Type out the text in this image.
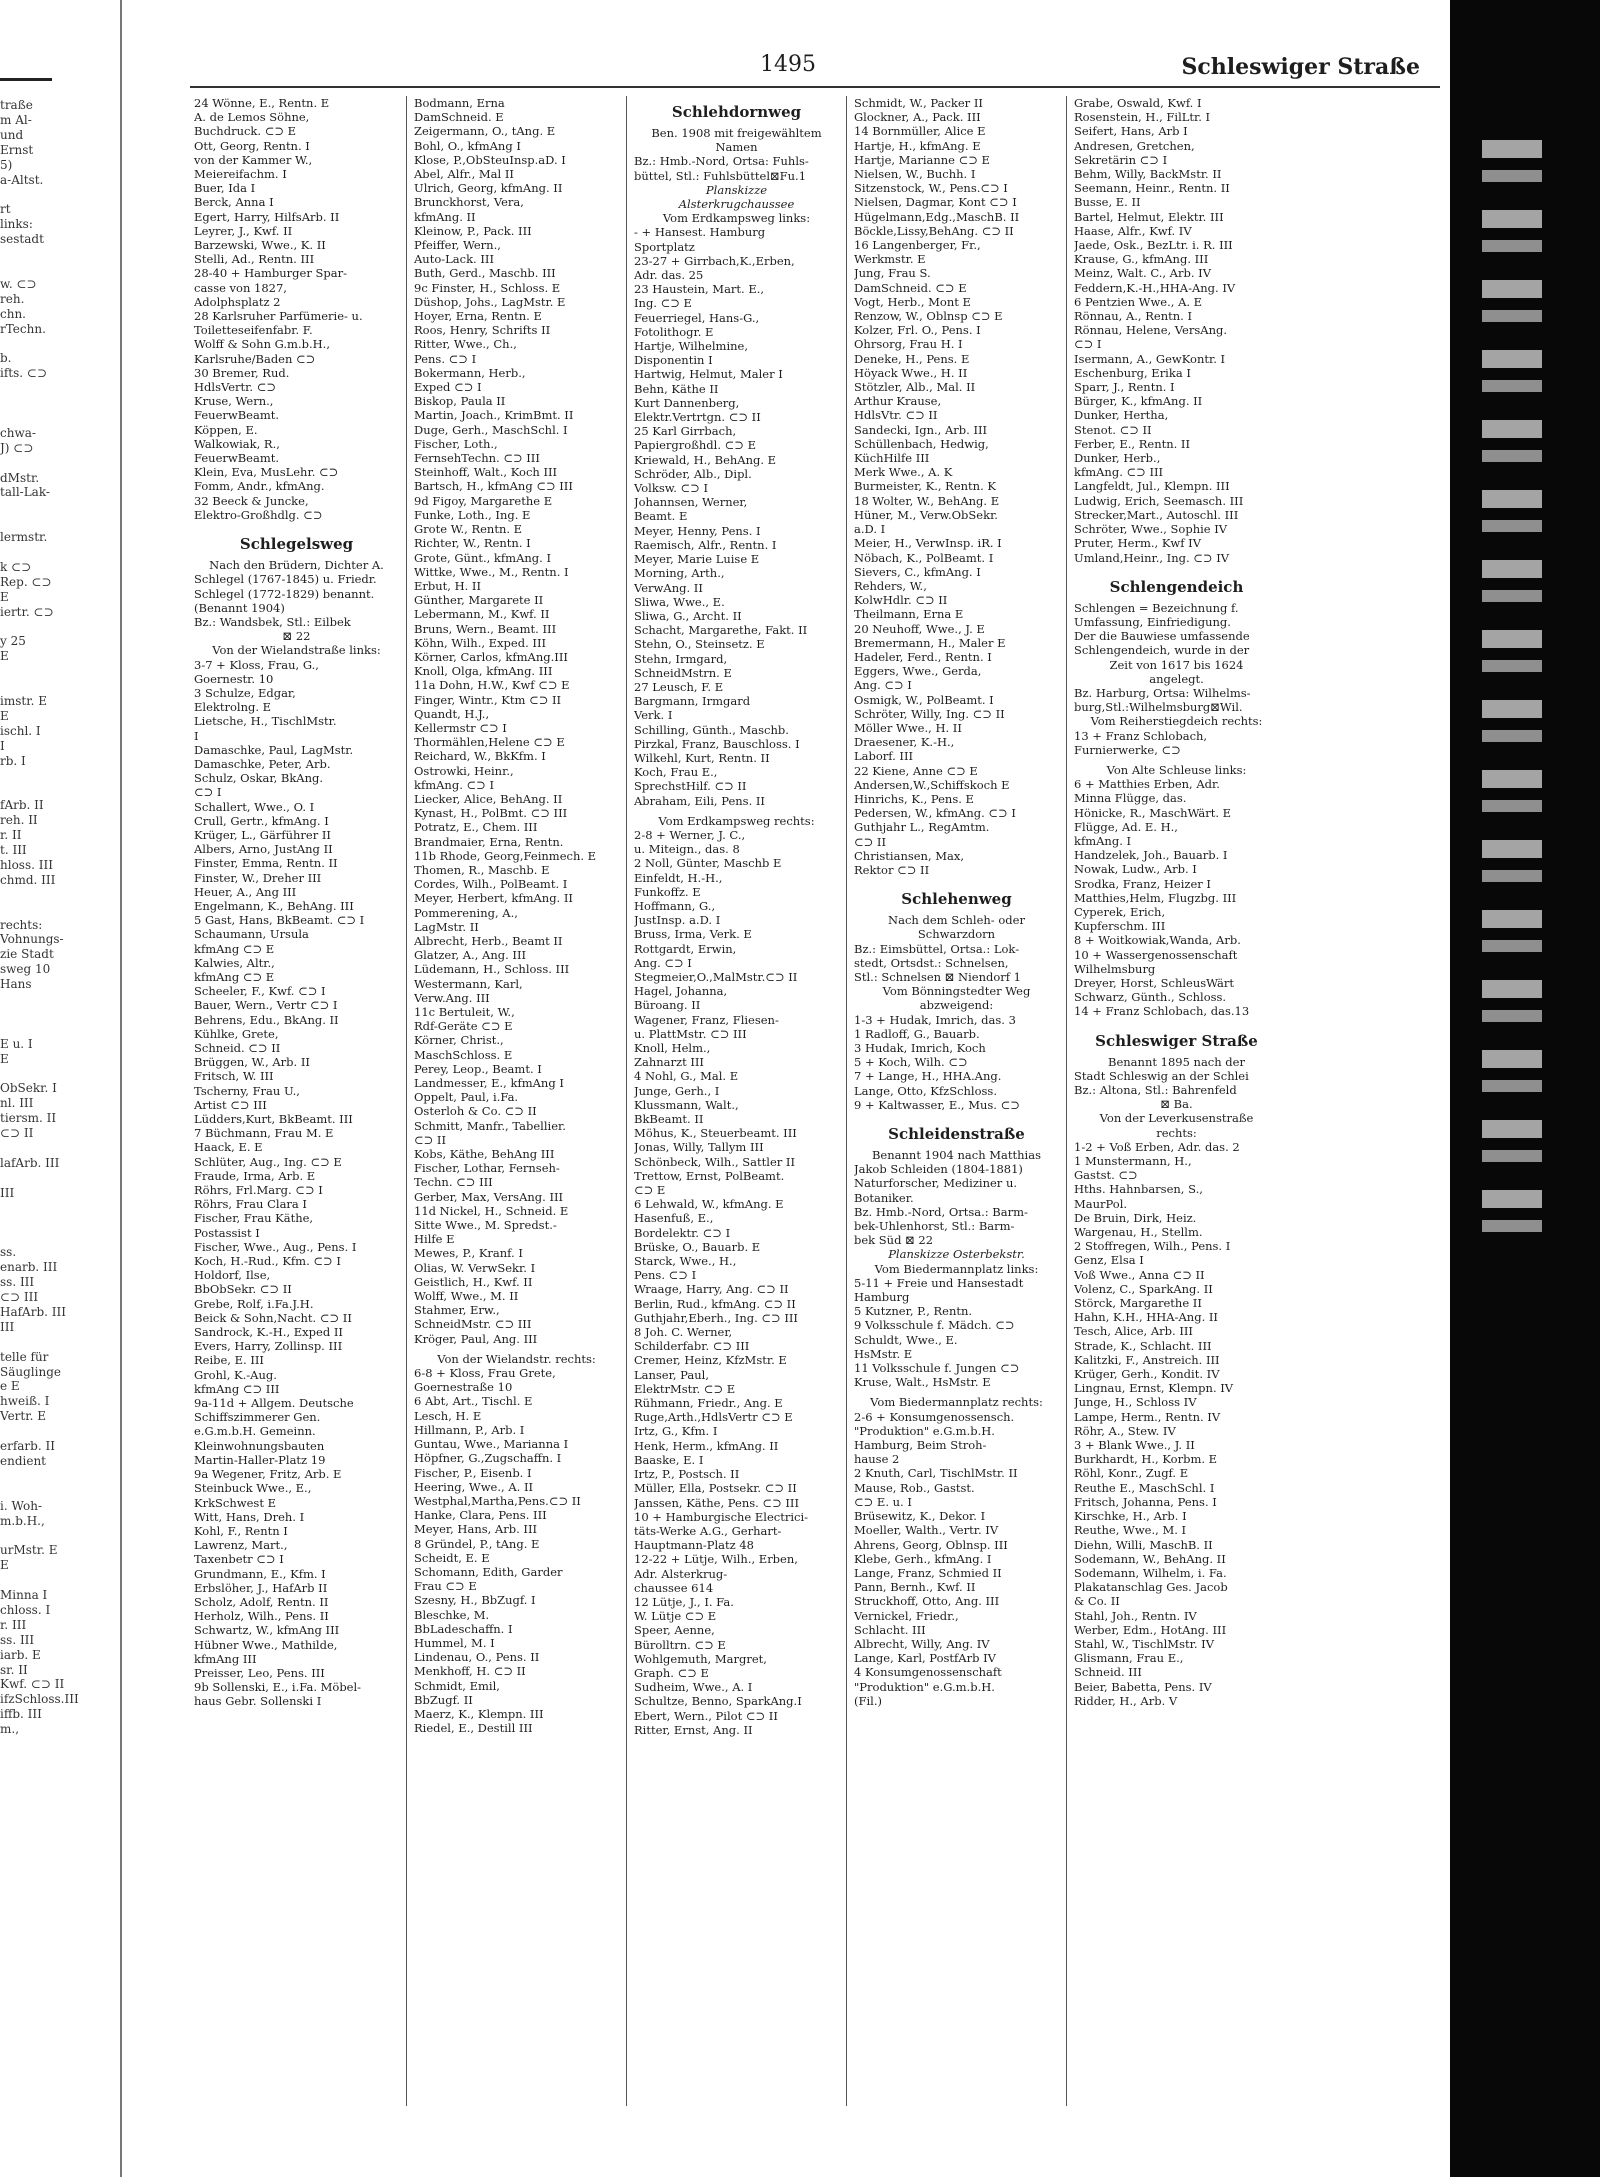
traße
m Al-
und
Ernst
5)
a-Altst.
rt
links:
sestadt
w. ⊂⊃
reh.
chn.
rTechn.
b.
ifts. ⊂⊃
chwa-
J) ⊂⊃
dMstr.
tall-Lak-
lermstr.
k ⊂⊃
Rep. ⊂⊃
E
iertr. ⊂⊃
y 25
E
imstr. E
E
ischl. I
I
rb. I
fArb. II
reh. II
r. II
t. III
hloss. III
chmd. III
rechts:
Vohnungs-
zie Stadt
sweg 10
Hans
E u. I
E
ObSekr. I
nl. III
tiersm. II
⊂⊃ II
lafArb. III
III
ss.
enarb. III
ss. III
⊂⊃ III
HafArb. III
III
telle für
Säuglinge
e E
hweiß. I
Vertr. E
erfarb. II
endient
i. Woh-
m.b.H.,
urMstr. E
E
Minna I
chloss. I
r. III
ss. III
iarb. E
sr. II
Kwf. ⊂⊃ II
ifzSchloss.III
iffb. III
m.,
1495	Schleswiger Straße
24 Wönne, E., Rentn. E
A. de Lemos Söhne,
Buchdruck. ⊂⊃ E
Ott, Georg, Rentn. I
von der Kammer W.,
Meiereifachm. I
Buer, Ida I
Berck, Anna I
Egert, Harry, HilfsArb. II
Leyrer, J., Kwf. II
Barzewski, Wwe., K. II
Stelli, Ad., Rentn. III
28-40 + Hamburger Spar-
casse von 1827,
Adolphsplatz 2
28 Karlsruher Parfümerie- u.
Toiletteseifenfabr. F.
Wolff & Sohn G.m.b.H.,
Karlsruhe/Baden ⊂⊃
30 Bremer, Rud.
HdlsVertr. ⊂⊃
Kruse, Wern.,
FeuerwBeamt.
Köppen, E.
Walkowiak, R.,
FeuerwBeamt.
Klein, Eva, MusLehr. ⊂⊃
Fomm, Andr., kfmAng.
32 Beeck & Juncke,
Elektro-Großhdlg. ⊂⊃
Schlegelsweg
Nach den Brüdern, Dichter A.
Schlegel (1767-1845) u. Friedr.
Schlegel (1772-1829) benannt.
(Benannt 1904)
Bz.: Wandsbek, Stl.: Eilbek
⊠ 22
Von der Wielandstraße links:
3-7 + Kloss, Frau, G.,
Goernestr. 10
3 Schulze, Edgar,
Elektrolng. E
Lietsche, H., TischlMstr.
I
Damaschke, Paul, LagMstr.
Damaschke, Peter, Arb.
Schulz, Oskar, BkAng.
⊂⊃ I
Schallert, Wwe., O. I
Crull, Gertr., kfmAng. I
Krüger, L., Gärführer II
Albers, Arno, JustAng II
Finster, Emma, Rentn. II
Finster, W., Dreher III
Heuer, A., Ang III
Engelmann, K., BehAng. III
5 Gast, Hans, BkBeamt. ⊂⊃ I
Schaumann, Ursula
kfmAng ⊂⊃ E
Kalwies, Altr.,
kfmAng ⊂⊃ E
Scheeler, F., Kwf. ⊂⊃ I
Bauer, Wern., Vertr ⊂⊃ I
Behrens, Edu., BkAng. II
Kühlke, Grete,
Schneid. ⊂⊃ II
Brüggen, W., Arb. II
Fritsch, W. III
Tscherny, Frau U.,
Artist ⊂⊃ III
Lüdders,Kurt, BkBeamt. III
7 Büchmann, Frau M. E
Haack, E. E
Schlüter, Aug., Ing. ⊂⊃ E
Fraude, Irma, Arb. E
Röhrs, Frl.Marg. ⊂⊃ I
Röhrs, Frau Clara I
Fischer, Frau Käthe,
Postassist I
Fischer, Wwe., Aug., Pens. I
Koch, H.-Rud., Kfm. ⊂⊃ I
Holdorf, Ilse,
BbObSekr. ⊂⊃ II
Grebe, Rolf, i.Fa.J.H.
Beick & Sohn,Nacht. ⊂⊃ II
Sandrock, K.-H., Exped II
Evers, Harry, Zollinsp. III
Reibe, E. III
Grohl, K.-Aug.
kfmAng ⊂⊃ III
9a-11d + Allgem. Deutsche
Schiffszimmerer Gen.
e.G.m.b.H. Gemeinn.
Kleinwohnungsbauten
Martin-Haller-Platz 19
9a Wegener, Fritz, Arb. E
Steinbuck Wwe., E.,
KrkSchwest E
Witt, Hans, Dreh. I
Kohl, F., Rentn I
Lawrenz, Mart.,
Taxenbetr ⊂⊃ I
Grundmann, E., Kfm. I
Erbslöher, J., HafArb II
Scholz, Adolf, Rentn. II
Herholz, Wilh., Pens. II
Schwartz, W., kfmAng III
Hübner Wwe., Mathilde,
kfmAng III
Preisser, Leo, Pens. III
9b Sollenski, E., i.Fa. Möbel-
haus Gebr. Sollenski I
Bodmann, Erna
DamSchneid. E
Zeigermann, O., tAng. E
Bohl, O., kfmAng I
Klose, P.,ObSteuInsp.aD. I
Abel, Alfr., Mal II
Ulrich, Georg, kfmAng. II
Brunckhorst, Vera,
kfmAng. II
Kleinow, P., Pack. III
Pfeiffer, Wern.,
Auto-Lack. III
Buth, Gerd., Maschb. III
9c Finster, H., Schloss. E
Düshop, Johs., LagMstr. E
Hoyer, Erna, Rentn. E
Roos, Henry, Schrifts II
Ritter, Wwe., Ch.,
Pens. ⊂⊃ I
Bokermann, Herb.,
Exped ⊂⊃ I
Biskop, Paula II
Martin, Joach., KrimBmt. II
Duge, Gerh., MaschSchl. I
Fischer, Loth.,
FernsehTechn. ⊂⊃ III
Steinhoff, Walt., Koch III
Bartsch, H., kfmAng ⊂⊃ III
9d Figoy, Margarethe E
Funke, Loth., Ing. E
Grote W., Rentn. E
Richter, W., Rentn. I
Grote, Günt., kfmAng. I
Wittke, Wwe., M., Rentn. I
Erbut, H. II
Günther, Margarete II
Lebermann, M., Kwf. II
Bruns, Wern., Beamt. III
Köhn, Wilh., Exped. III
Körner, Carlos, kfmAng.III
Knoll, Olga, kfmAng. III
11a Dohn, H.W., Kwf ⊂⊃ E
Finger, Wintr., Ktm ⊂⊃ II
Quandt, H.J.,
Kellermstr ⊂⊃ I
Thormählen,Helene ⊂⊃ E
Reichard, W., BkKfm. I
Ostrowki, Heinr.,
kfmAng. ⊂⊃ I
Liecker, Alice, BehAng. II
Kynast, H., PolBmt. ⊂⊃ III
Potratz, E., Chem. III
Brandmaier, Erna, Rentn.
11b Rhode, Georg,Feinmech. E
Thomen, R., Maschb. E
Cordes, Wilh., PolBeamt. I
Meyer, Herbert, kfmAng. II
Pommerening, A.,
LagMstr. II
Albrecht, Herb., Beamt II
Glatzer, A., Ang. III
Lüdemann, H., Schloss. III
Westermann, Karl,
Verw.Ang. III
11c Bertuleit, W.,
Rdf-Geräte ⊂⊃ E
Körner, Christ.,
MaschSchloss. E
Perey, Leop., Beamt. I
Landmesser, E., kfmAng I
Oppelt, Paul, i.Fa.
Osterloh & Co. ⊂⊃ II
Schmitt, Manfr., Tabellier.
⊂⊃ II
Kobs, Käthe, BehAng III
Fischer, Lothar, Fernseh-
Techn. ⊂⊃ III
Gerber, Max, VersAng. III
11d Nickel, H., Schneid. E
Sitte Wwe., M. Spredst.-
Hilfe E
Mewes, P., Kranf. I
Olias, W. VerwSekr. I
Geistlich, H., Kwf. II
Wolff, Wwe., M. II
Stahmer, Erw.,
SchneidMstr. ⊂⊃ III
Kröger, Paul, Ang. III
Von der Wielandstr. rechts:
6-8 + Kloss, Frau Grete,
Goernestraße 10
6 Abt, Art., Tischl. E
Lesch, H. E
Hillmann, P., Arb. I
Guntau, Wwe., Marianna I
Höpfner, G.,Zugschaffn. I
Fischer, P., Eisenb. I
Heering, Wwe., A. II
Westphal,Martha,Pens.⊂⊃ II
Hanke, Clara, Pens. III
Meyer, Hans, Arb. III
8 Gründel, P., tAng. E
Scheidt, E. E
Schomann, Edith, Garder
Frau ⊂⊃ E
Szesny, H., BbZugf. I
Bleschke, M.
BbLadeschaffn. I
Hummel, M. I
Lindenau, O., Pens. II
Menkhoff, H. ⊂⊃ II
Schmidt, Emil,
BbZugf. II
Maerz, K., Klempn. III
Riedel, E., Destill III
Schlehdornweg
Ben. 1908 mit freigewähltem
Namen
Bz.: Hmb.-Nord, Ortsa: Fuhls-
büttel, Stl.: Fuhlsbüttel⊠Fu.1
Planskizze
Alsterkrugchaussee
Vom Erdkampsweg links:
- + Hansest. Hamburg
Sportplatz
23-27 + Girrbach,K.,Erben,
Adr. das. 25
23 Haustein, Mart. E.,
Ing. ⊂⊃ E
Feuerriegel, Hans-G.,
Fotolithogr. E
Hartje, Wilhelmine,
Disponentin I
Hartwig, Helmut, Maler I
Behn, Käthe II
Kurt Dannenberg,
Elektr.Vertrtgn. ⊂⊃ II
25 Karl Girrbach,
Papiergroßhdl. ⊂⊃ E
Kriewald, H., BehAng. E
Schröder, Alb., Dipl.
Volksw. ⊂⊃ I
Johannsen, Werner,
Beamt. E
Meyer, Henny, Pens. I
Raemisch, Alfr., Rentn. I
Meyer, Marie Luise E
Morning, Arth.,
VerwAng. II
Sliwa, Wwe., E.
Sliwa, G., Archt. II
Schacht, Margarethe, Fakt. II
Stehn, O., Steinsetz. E
Stehn, Irmgard,
SchneidMstrn. E
27 Leusch, F. E
Bargmann, Irmgard
Verk. I
Schilling, Günth., Maschb.
Pirzkal, Franz, Bauschloss. I
Wilkehl, Kurt, Rentn. II
Koch, Frau E.,
SprechstHilf. ⊂⊃ II
Abraham, Eili, Pens. II
Vom Erdkampsweg rechts:
2-8 + Werner, J. C.,
u. Miteign., das. 8
2 Noll, Günter, Maschb E
Einfeldt, H.-H.,
Funkoffz. E
Hoffmann, G.,
JustInsp. a.D. I
Bruss, Irma, Verk. E
Rottgardt, Erwin,
Ang. ⊂⊃ I
Stegmeier,O.,MalMstr.⊂⊃ II
Hagel, Johanna,
Büroang. II
Wagener, Franz, Fliesen-
u. PlattMstr. ⊂⊃ III
Knoll, Helm.,
Zahnarzt III
4 Nohl, G., Mal. E
Junge, Gerh., I
Klussmann, Walt.,
BkBeamt. II
Möhus, K., Steuerbeamt. III
Jonas, Willy, Tallym III
Schönbeck, Wilh., Sattler II
Trettow, Ernst, PolBeamt.
⊂⊃ E
6 Lehwald, W., kfmAng. E
Hasenfuß, E.,
Bordelektr. ⊂⊃ I
Brüske, O., Bauarb. E
Starck, Wwe., H.,
Pens. ⊂⊃ I
Wraage, Harry, Ang. ⊂⊃ II
Berlin, Rud., kfmAng. ⊂⊃ II
Guthjahr,Eberh., Ing. ⊂⊃ III
8 Joh. C. Werner,
Schilderfabr. ⊂⊃ III
Cremer, Heinz, KfzMstr. E
Lanser, Paul,
ElektrMstr. ⊂⊃ E
Rühmann, Friedr., Ang. E
Ruge,Arth.,HdlsVertr ⊂⊃ E
Irtz, G., Kfm. I
Henk, Herm., kfmAng. II
Baaske, E. I
Irtz, P., Postsch. II
Müller, Ella, Postsekr. ⊂⊃ II
Janssen, Käthe, Pens. ⊂⊃ III
10 + Hamburgische Electrici-
täts-Werke A.G., Gerhart-
Hauptmann-Platz 48
12-22 + Lütje, Wilh., Erben,
Adr. Alsterkrug-
chaussee 614
12 Lütje, J., I. Fa.
W. Lütje ⊂⊃ E
Speer, Aenne,
Bürolltrn. ⊂⊃ E
Wohlgemuth, Margret,
Graph. ⊂⊃ E
Sudheim, Wwe., A. I
Schultze, Benno, SparkAng.I
Ebert, Wern., Pilot ⊂⊃ II
Ritter, Ernst, Ang. II
Schmidt, W., Packer II
Glockner, A., Pack. III
14 Bornmüller, Alice E
Hartje, H., kfmAng. E
Hartje, Marianne ⊂⊃ E
Nielsen, W., Buchh. I
Sitzenstock, W., Pens.⊂⊃ I
Nielsen, Dagmar, Kont ⊂⊃ I
Hügelmann,Edg.,MaschB. II
Böckle,Lissy,BehAng. ⊂⊃ II
16 Langenberger, Fr.,
Werkmstr. E
Jung, Frau S.
DamSchneid. ⊂⊃ E
Vogt, Herb., Mont E
Renzow, W., Oblnsp ⊂⊃ E
Kolzer, Frl. O., Pens. I
Ohrsorg, Frau H. I
Deneke, H., Pens. E
Höyack Wwe., H. II
Stötzler, Alb., Mal. II
Arthur Krause,
HdlsVtr. ⊂⊃ II
Sandecki, Ign., Arb. III
Schüllenbach, Hedwig,
KüchHilfe III
Merk Wwe., A. K
Burmeister, K., Rentn. K
18 Wolter, W., BehAng. E
Hüner, M., Verw.ObSekr.
a.D. I
Meier, H., VerwInsp. iR. I
Nöbach, K., PolBeamt. I
Sievers, C., kfmAng. I
Rehders, W.,
KolwHdlr. ⊂⊃ II
Theilmann, Erna E
20 Neuhoff, Wwe., J. E
Bremermann, H., Maler E
Hadeler, Ferd., Rentn. I
Eggers, Wwe., Gerda,
Ang. ⊂⊃ I
Osmigk, W., PolBeamt. I
Schröter, Willy, Ing. ⊂⊃ II
Möller Wwe., H. II
Draesener, K.-H.,
Laborf. III
22 Kiene, Anne ⊂⊃ E
Andersen,W.,Schiffskoch E
Hinrichs, K., Pens. E
Pedersen, W., kfmAng. ⊂⊃ I
Guthjahr L., RegAmtm.
⊂⊃ II
Christiansen, Max,
Rektor ⊂⊃ II
Schlehenweg
Nach dem Schleh- oder
Schwarzdorn
Bz.: Eimsbüttel, Ortsa.: Lok-
stedt, Ortsdst.: Schnelsen,
Stl.: Schnelsen ⊠ Niendorf 1
Vom Bönningstedter Weg
abzweigend:
1-3 + Hudak, Imrich, das. 3
1 Radloff, G., Bauarb.
3 Hudak, Imrich, Koch
5 + Koch, Wilh. ⊂⊃
7 + Lange, H., HHA.Ang.
Lange, Otto, KfzSchloss.
9 + Kaltwasser, E., Mus. ⊂⊃
Schleidenstraße
Benannt 1904 nach Matthias
Jakob Schleiden (1804-1881)
Naturforscher, Mediziner u.
Botaniker.
Bz. Hmb.-Nord, Ortsa.: Barm-
bek-Uhlenhorst, Stl.: Barm-
bek Süd ⊠ 22
Planskizze Osterbekstr.
Vom Biedermannplatz links:
5-11 + Freie und Hansestadt
Hamburg
5 Kutzner, P., Rentn.
9 Volksschule f. Mädch. ⊂⊃
Schuldt, Wwe., E.
HsMstr. E
11 Volksschule f. Jungen ⊂⊃
Kruse, Walt., HsMstr. E
Vom Biedermannplatz rechts:
2-6 + Konsumgenossensch.
"Produktion" e.G.m.b.H.
Hamburg, Beim Stroh-
hause 2
2 Knuth, Carl, TischlMstr. II
Mause, Rob., Gastst.
⊂⊃ E. u. I
Brüsewitz, K., Dekor. I
Moeller, Walth., Vertr. IV
Ahrens, Georg, Oblnsp. III
Klebe, Gerh., kfmAng. I
Lange, Franz, Schmied II
Pann, Bernh., Kwf. II
Struckhoff, Otto, Ang. III
Vernickel, Friedr.,
Schlacht. III
Albrecht, Willy, Ang. IV
Lange, Karl, PostfArb IV
4 Konsumgenossenschaft
"Produktion" e.G.m.b.H.
(Fil.)
Grabe, Oswald, Kwf. I
Rosenstein, H., FilLtr. I
Seifert, Hans, Arb I
Andresen, Gretchen,
Sekretärin ⊂⊃ I
Behm, Willy, BackMstr. II
Seemann, Heinr., Rentn. II
Busse, E. II
Bartel, Helmut, Elektr. III
Haase, Alfr., Kwf. IV
Jaede, Osk., BezLtr. i. R. III
Krause, G., kfmAng. III
Meinz, Walt. C., Arb. IV
Feddern,K.-H.,HHA-Ang. IV
6 Pentzien Wwe., A. E
Rönnau, A., Rentn. I
Rönnau, Helene, VersAng.
⊂⊃ I
Isermann, A., GewKontr. I
Eschenburg, Erika I
Sparr, J., Rentn. I
Bürger, K., kfmAng. II
Dunker, Hertha,
Stenot. ⊂⊃ II
Ferber, E., Rentn. II
Dunker, Herb.,
kfmAng. ⊂⊃ III
Langfeldt, Jul., Klempn. III
Ludwig, Erich, Seemasch. III
Strecker,Mart., Autoschl. III
Schröter, Wwe., Sophie IV
Pruter, Herm., Kwf IV
Umland,Heinr., Ing. ⊂⊃ IV
Schlengendeich
Schlengen = Bezeichnung f.
Umfassung, Einfriedigung.
Der die Bauwiese umfassende
Schlengendeich, wurde in der
Zeit von 1617 bis 1624
angelegt.
Bz. Harburg, Ortsa: Wilhelms-
burg,Stl.:Wilhelmsburg⊠Wil.
Vom Reiherstiegdeich rechts:
13 + Franz Schlobach,
Furnierwerke, ⊂⊃
Von Alte Schleuse links:
6 + Matthies Erben, Adr.
Minna Flügge, das.
Hönicke, R., MaschWärt. E
Flügge, Ad. E. H.,
kfmAng. I
Handzelek, Joh., Bauarb. I
Nowak, Ludw., Arb. I
Srodka, Franz, Heizer I
Matthies,Helm, Flugzbg. III
Cyperek, Erich,
Kupferschm. III
8 + Woitkowiak,Wanda, Arb.
10 + Wassergenossenschaft
Wilhelmsburg
Dreyer, Horst, SchleusWärt
Schwarz, Günth., Schloss.
14 + Franz Schlobach, das.13
Schleswiger Straße
Benannt 1895 nach der
Stadt Schleswig an der Schlei
Bz.: Altona, Stl.: Bahrenfeld
⊠ Ba.
Von der Leverkusenstraße
rechts:
1-2 + Voß Erben, Adr. das. 2
1 Munstermann, H.,
Gastst. ⊂⊃
Hths. Hahnbarsen, S.,
MaurPol.
De Bruin, Dirk, Heiz.
Wargenau, H., Stellm.
2 Stoffregen, Wilh., Pens. I
Genz, Elsa I
Voß Wwe., Anna ⊂⊃ II
Volenz, C., SparkAng. II
Störck, Margarethe II
Hahn, K.H., HHA-Ang. II
Tesch, Alice, Arb. III
Strade, K., Schlacht. III
Kalitzki, F., Anstreich. III
Krüger, Gerh., Kondit. IV
Lingnau, Ernst, Klempn. IV
Junge, H., Schloss IV
Lampe, Herm., Rentn. IV
Röhr, A., Stew. IV
3 + Blank Wwe., J. II
Burkhardt, H., Korbm. E
Röhl, Konr., Zugf. E
Reuthe E., MaschSchl. I
Fritsch, Johanna, Pens. I
Kirschke, H., Arb. I
Reuthe, Wwe., M. I
Diehn, Willi, MaschB. II
Sodemann, W., BehAng. II
Sodemann, Wilhelm, i. Fa.
Plakatanschlag Ges. Jacob
& Co. II
Stahl, Joh., Rentn. IV
Werber, Edm., HotAng. III
Stahl, W., TischlMstr. IV
Glismann, Frau E.,
Schneid. III
Beier, Babetta, Pens. IV
Ridder, H., Arb. V
